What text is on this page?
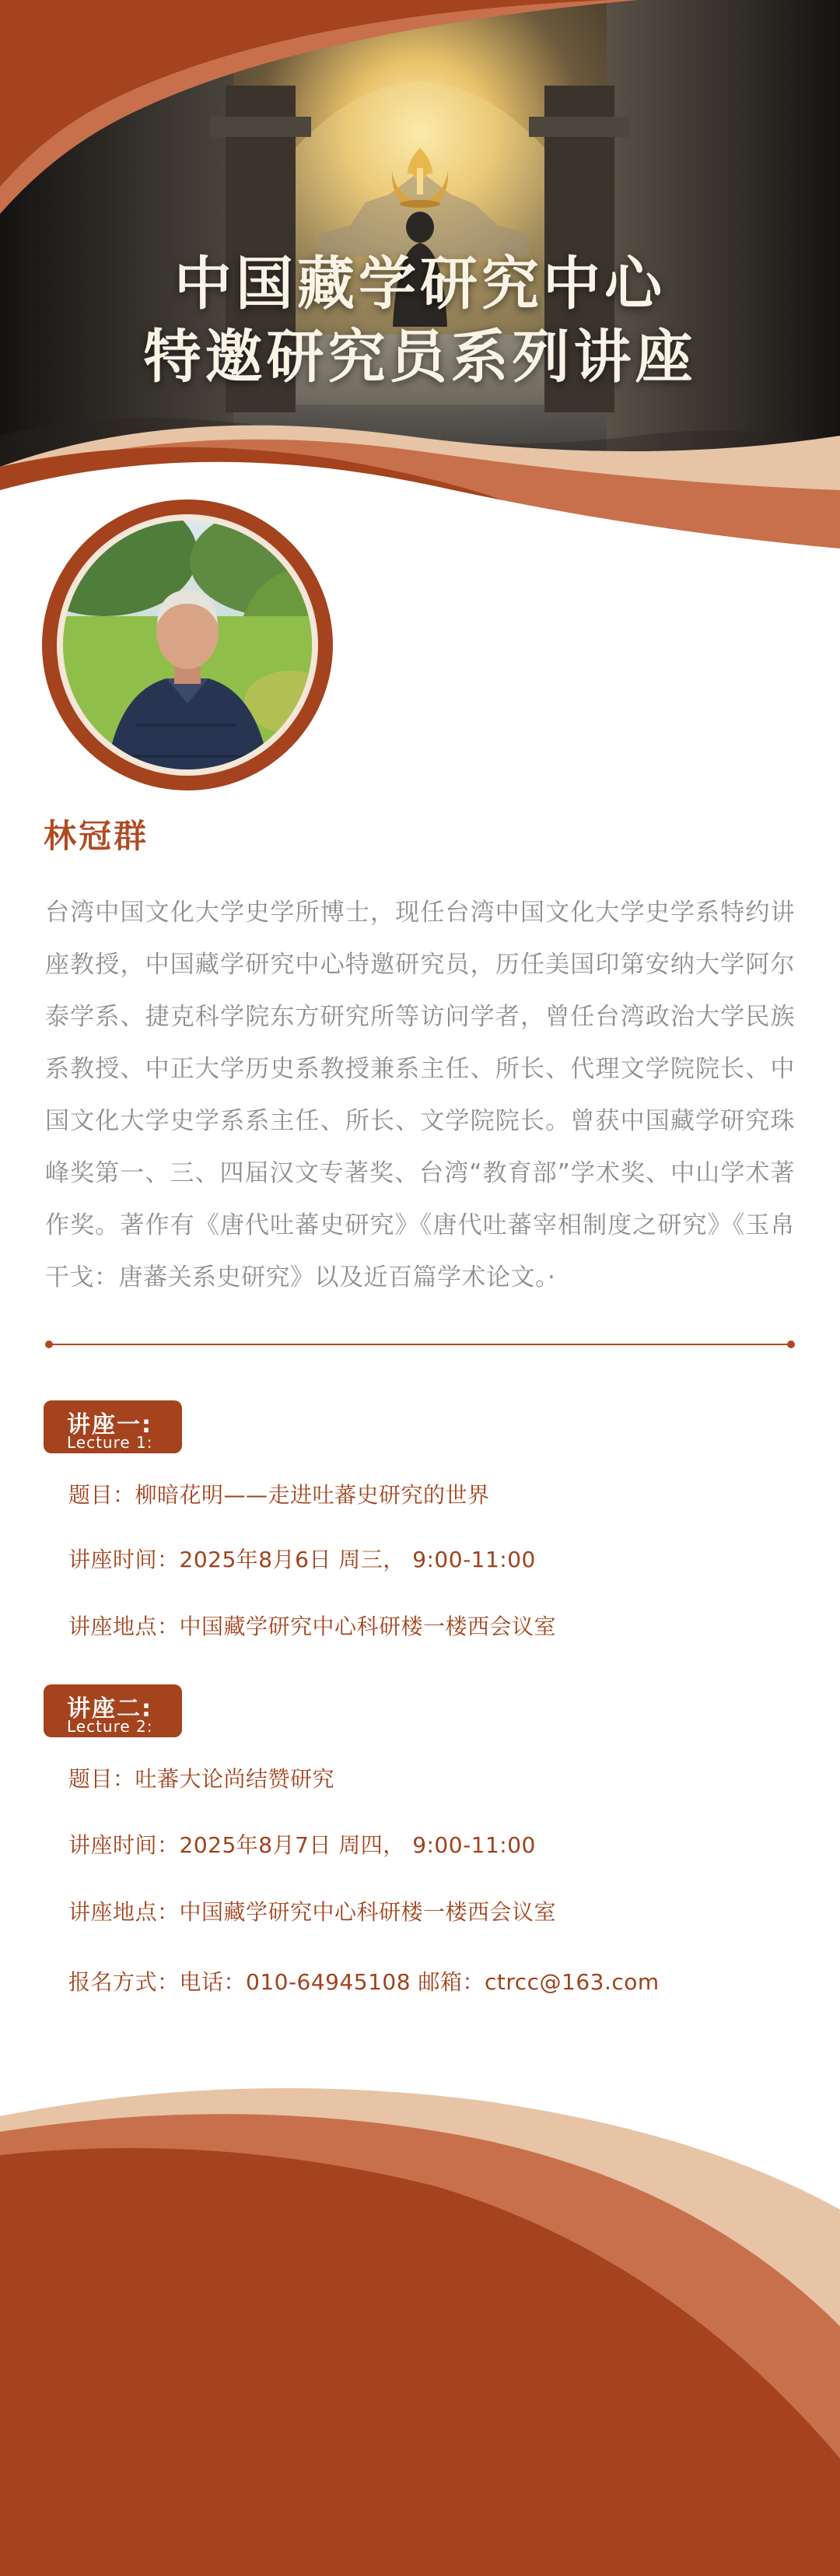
中国藏学研究中心
特邀研究员系列讲座
林冠群
台湾中国文化大学史学所博士，现任台湾中国文化大学史学系特约讲座教授，中国藏学研究中心特邀研究员，历任美国印第安纳大学阿尔泰学系、捷克科学院东方研究所等访问学者，曾任台湾政治大学民族系教授、中正大学历史系教授兼系主任、所长、代理文学院院长、中国文化大学史学系系主任、所长、文学院院长。曾获中国藏学研究珠峰奖第一、三、四届汉文专著奖、台湾“教育部”学术奖、中山学术著作奖。著作有《唐代吐蕃史研究》《唐代吐蕃宰相制度之研究》《玉帛干戈：唐蕃关系史研究》以及近百篇学术论文。·
讲座一:
Lecture 1:
题目：柳暗花明——走进吐蕃史研究的世界
讲座时间：2025年8月6日 周三， 9:00-11:00
讲座地点：中国藏学研究中心科研楼一楼西会议室
讲座二:
Lecture 2:
题目：吐蕃大论尚结赞研究
讲座时间：2025年8月7日 周四， 9:00-11:00
讲座地点：中国藏学研究中心科研楼一楼西会议室
报名方式：电话：010-64945108 邮箱：ctrcc@163.com
